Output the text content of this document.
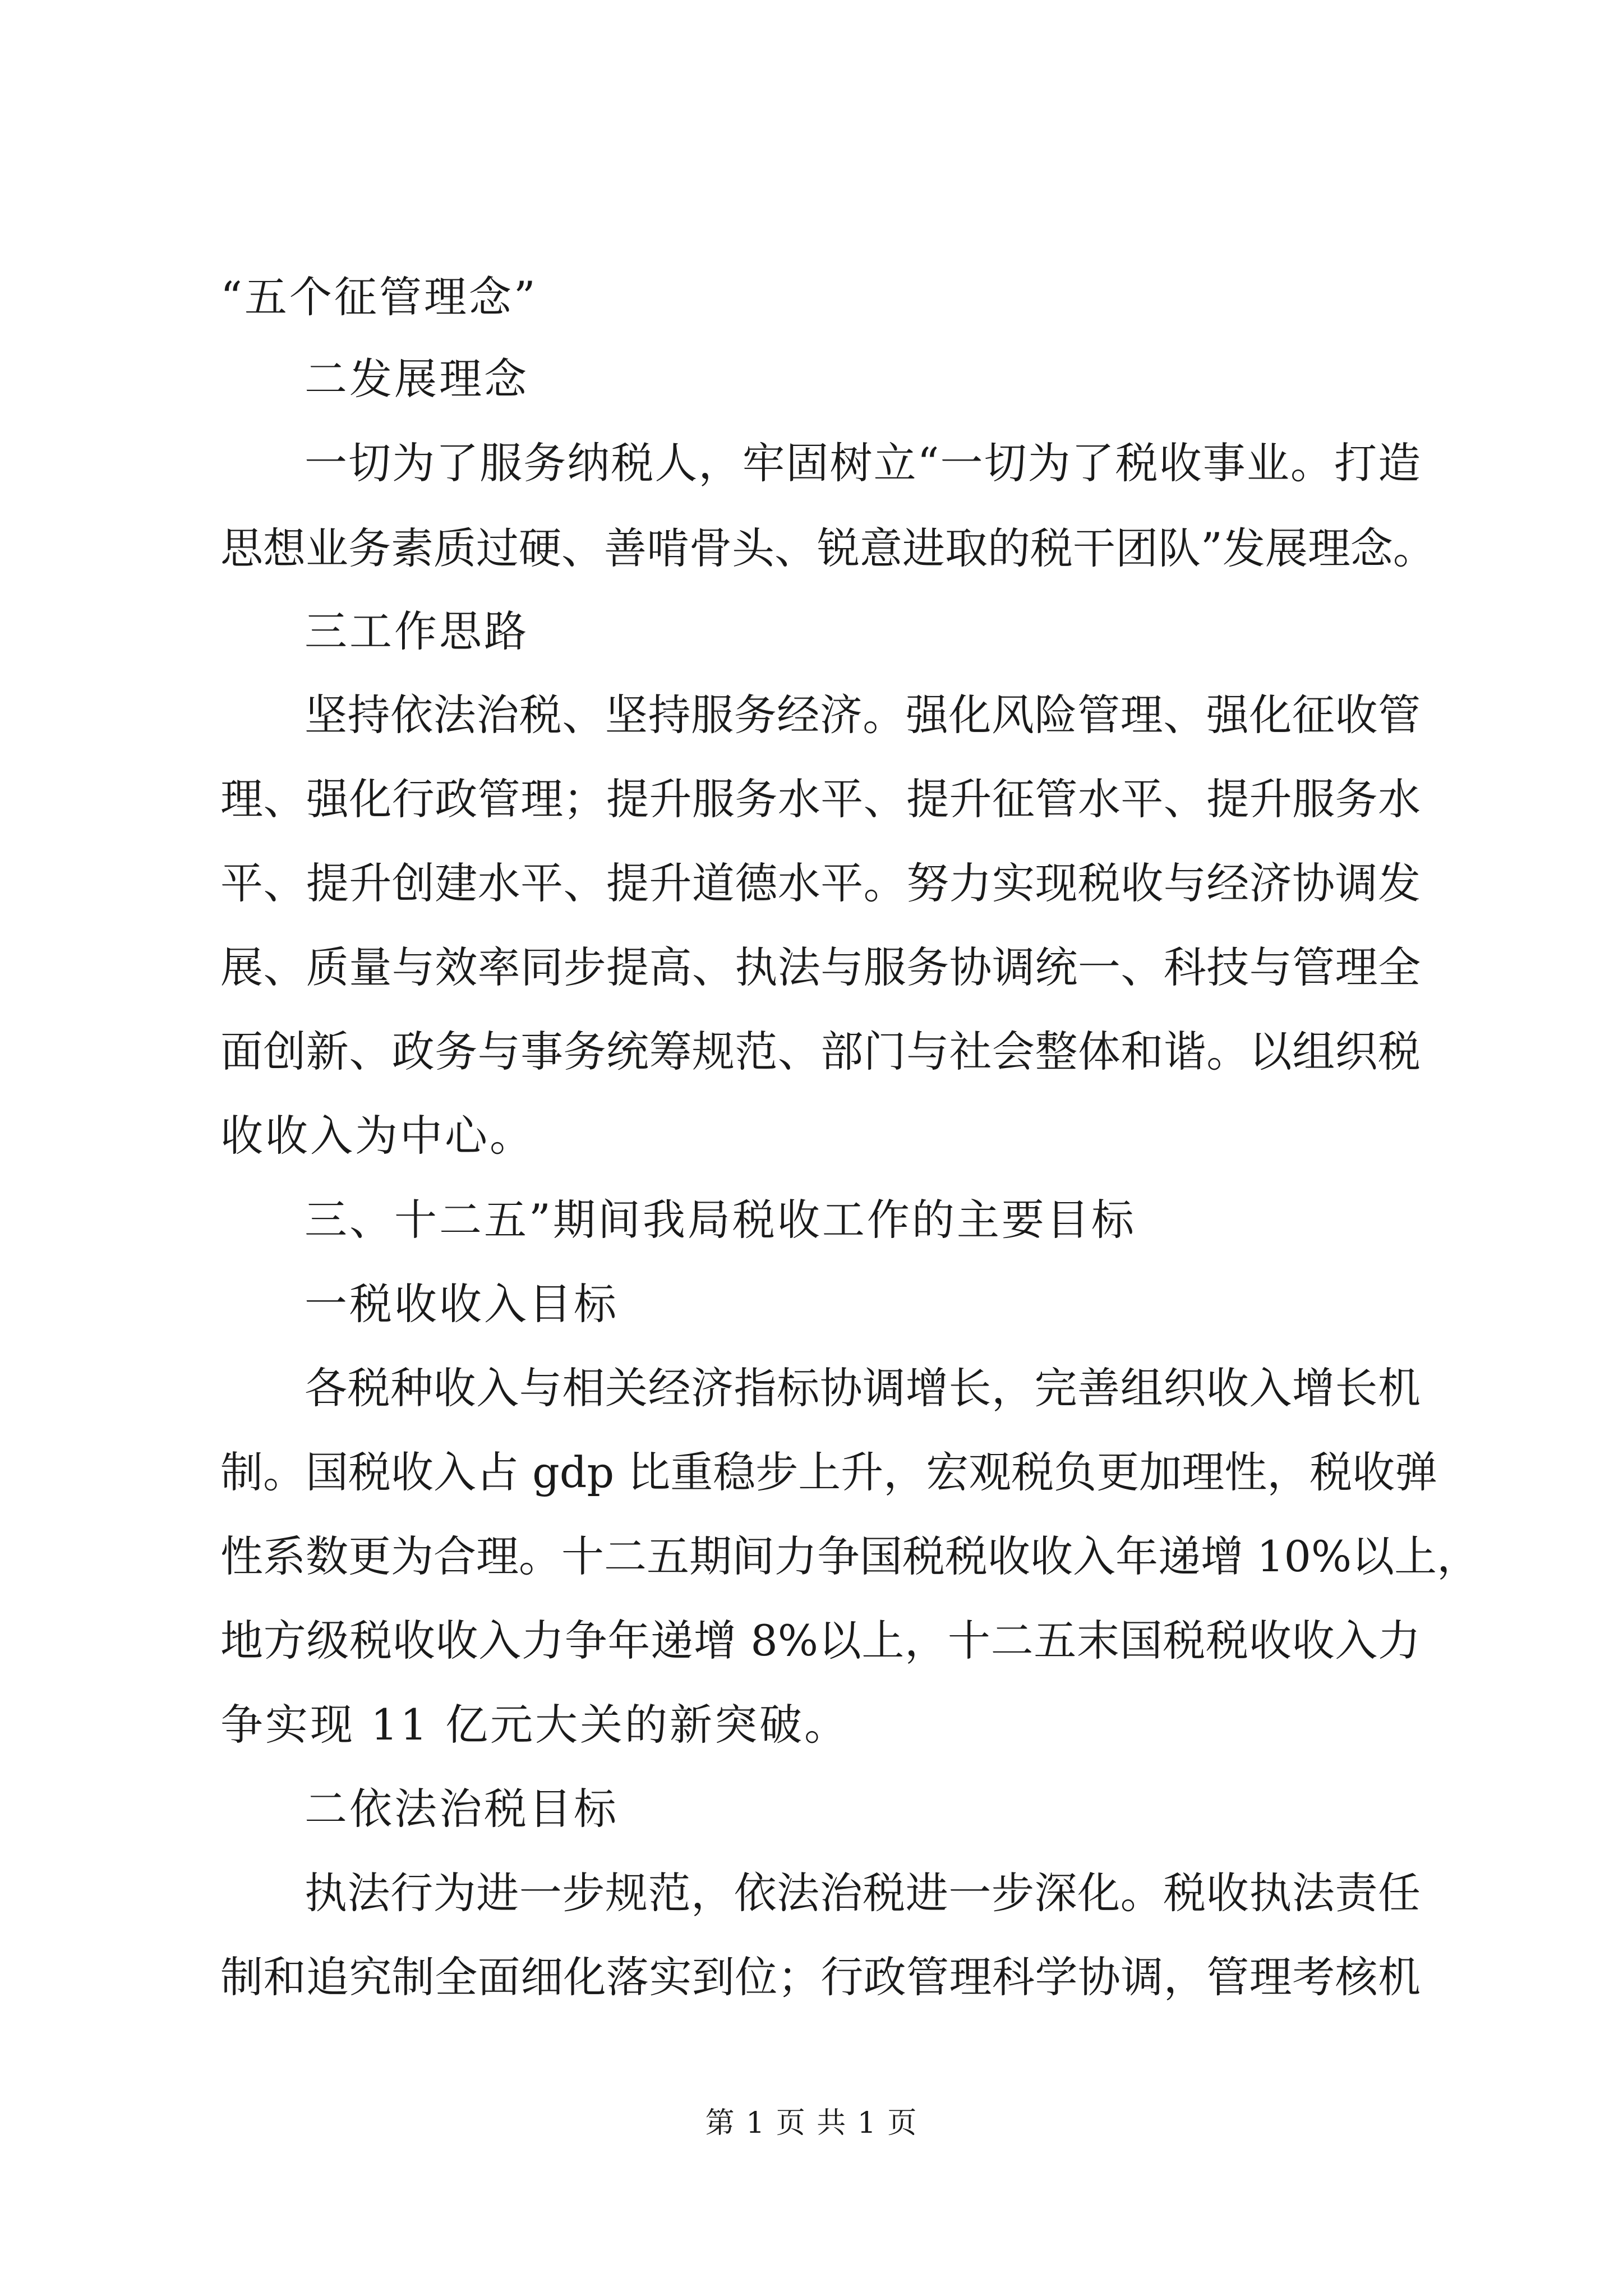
“五个征管理念”
二发展理念
一切为了服务纳税人，牢固树立“一切为了税收事业。打造
思想业务素质过硬、善啃骨头、锐意进取的税干团队”发展理念。
三工作思路
坚持依法治税、坚持服务经济。强化风险管理、强化征收管
理、强化行政管理；提升服务水平、提升征管水平、提升服务水
平、提升创建水平、提升道德水平。努力实现税收与经济协调发
展、质量与效率同步提高、执法与服务协调统一、科技与管理全
面创新、政务与事务统筹规范、部门与社会整体和谐。以组织税
收收入为中心。
三、十二五”期间我局税收工作的主要目标
一税收收入目标
各税种收入与相关经济指标协调增长，完善组织收入增长机
制。国税收入占 gdp 比重稳步上升，宏观税负更加理性，税收弹
性系数更为合理。十二五期间力争国税税收收入年递增 10%以上，
地方级税收收入力争年递增 8%以上，十二五末国税税收收入力
争实现 11 亿元大关的新突破。
二依法治税目标
执法行为进一步规范，依法治税进一步深化。税收执法责任
制和追究制全面细化落实到位；行政管理科学协调，管理考核机
第 1 页 共 1 页
